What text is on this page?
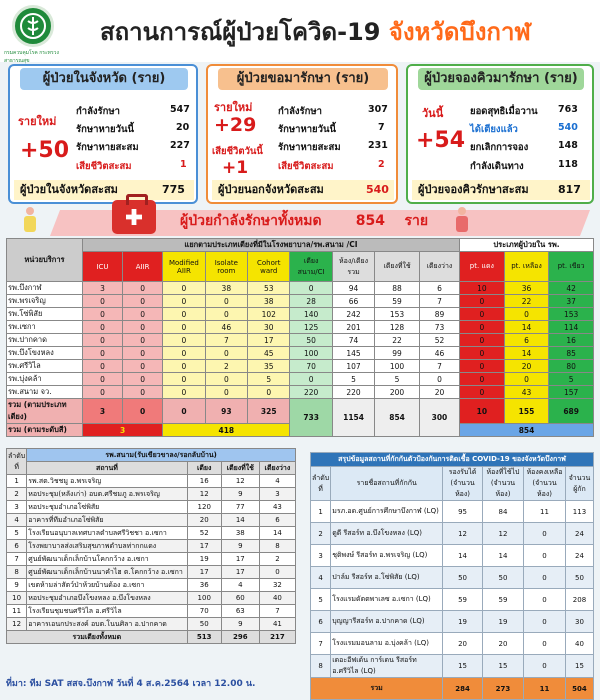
กรมควบคุมโรค กระทรวงสาธารณสุข
สถานการณ์ผู้ป่วยโควิด-19 จังหวัดบึงกาฬ
ผู้ป่วยในจังหวัด (ราย)
รายใหม่
+50
กำลังรักษา	547
รักษาหายวันนี้	20
รักษาหายสะสม	227
เสียชีวิตสะสม	1
ผู้ป่วยในจังหวัดสะสม	775
ผู้ป่วยขอมารักษา (ราย)
รายใหม่
+29
เสียชีวิตวันนี้
+1
กำลังรักษา	307
รักษาหายวันนี้	7
รักษาหายสะสม	231
เสียชีวิตสะสม	2
ผู้ป่วยนอกจังหวัดสะสม	540
ผู้ป่วยจองคิวมารักษา (ราย)
วันนี้
+54
ยอดสุทธิเมื่อวาน 763
ได้เตียงแล้ว	540
ยกเลิกการจอง	148
กำลังเดินทาง	118
ผู้ป่วยจองคิวรักษาสะสม	817
ผู้ป่วยกำลังรักษาทั้งหมด 854 ราย
หน่วยบริการ	แยกตามประเภทเตียงที่มีในโรงพยาบาล/รพ.สนาม /CI									ประเภทผู้ป่วยใน รพ.		
	ICU	AIIR	Modified AIIR	Isolate room	Cohort ward	เตียงสนาม/CI	ห้อง/เตียงรวม	เตียงที่ใช้	เตียงว่าง	pt. แดง	pt. เหลือง	pt. เขียว
รพ.บึงกาฬ	3	0	0	38	53	0	94	88	6	10	36	42
รพ.พรเจริญ	0	0	0	0	38	28	66	59	7	0	22	37
รพ.โซ่พิสัย	0	0	0	0	102	140	242	153	89	0	0	153
รพ.เซกา	0	0	0	46	30	125	201	128	73	0	14	114
รพ.ปากคาด	0	0	0	7	17	50	74	22	52	0	6	16
รพ.บึงโขงหลง	0	0	0	0	45	100	145	99	46	0	14	85
รพ.ศรีวิไล	0	0	0	2	35	70	107	100	7	0	20	80
รพ.บุ่งคล้า	0	0	0	0	5	0	5	5	0	0	0	5
รพ.สนาม จว.	0	0	0	0	0	220	220	200	20	0	43	157
รวม (ตามประเภทเตียง)	3	0	0	93	325	733	1154	854	300	10	155	689
รวม (ตามระดับสี)	3		418							854		
ลำดับที่	รพ.สนาม(รับเขียวขาลง/รอกลับบ้าน)			
	สถานที่	เตียง	เตียงที่ใช้	เตียงว่าง
1	รพ.สต.วิชชมู อ.พรเจริญ	16	12	4
2	หอประชุม(หลังเก่า) อบต.ศรีชมภู อ.พรเจริญ	12	9	3
3	หอประชุมอำเภอโซ่พิสัย	120	77	43
4	อาคารที่ทีมอำเภอโซ่พิสัย	20	14	6
5	โรงเรียนอนุบาลเทศบาลตำบลศรีวิชชา อ.เซกา	52	38	14
6	โรงพยาบาลส่งเสริมสุขภาพตำบลท่ากกแดง	17	9	8
7	ศูนย์พัฒนาเด็กเล็กบ้านโคกกว้าง อ.เซกา	19	17	2
8	ศูนย์พัฒนาเด็กเล็กบ้านนาคำไฮ ต.โคกกว้าง อ.เซกา	17	17	0
9	เขตห้ามล่าสัตว์ป่าห้วยบ้านด้อง อ.เซกา	36	4	32
10	หอประชุมอำเภอบึงโขงหลง อ.บึงโขงหลง	100	60	40
11	โรงเรียนชุมชนศรีวิไล อ.ศรีวิไล	70	63	7
12	อาคารเอนกประสงค์ อบต.โนนศิลา อ.ปากคาด	50	9	41
รวมเตียงทั้งหมด		513	296	217
สรุปข้อมูลสถานที่กักกันตัวป้องกันการติดเชื้อ COVID-19 ของจังหวัดบึงกาฬ					
ลำดับที่	รายชื่อสถานที่กักกัน	รองรับได้ (จำนวนห้อง)	ห้องที่ใช้ไป (จำนวนห้อง)	ห้องคงเหลือ (จำนวนห้อง)	จำนวนผู้กัก
1	มรภ.อด.ศูนย์การศึกษาบึงกาฬ (LQ)	95	84	11	113
2	ดูดี รีสอร์ท อ.บึงโขงหลง (LQ)	12	12	0	24
3	ชุติพงษ์ รีสอร์ท อ.พรเจริญ (LQ)	14	14	0	24
4	ปาล์ม รีสอร์ท อ.โซ่พิสัย (LQ)	50	50	0	50
5	โรงแรมดัตตพาเลซ อ.เซกา (LQ)	59	59	0	208
6	บุญญารีสอร์ท อ.ปากคาด (LQ)	19	19	0	30
7	โรงแรมมอนลาม อ.บุ่งคล้า (LQ)	20	20	0	40
8	เดอะอีฟเด้น การ์เดน รีสอร์ท อ.ศรีวิไล (LQ)	15	15	0	15
รวม		284	273	11	504
ที่มา: ทีม SAT สสจ.บึงกาฬ วันที่ 4 ส.ค.2564 เวลา 12.00 น.
